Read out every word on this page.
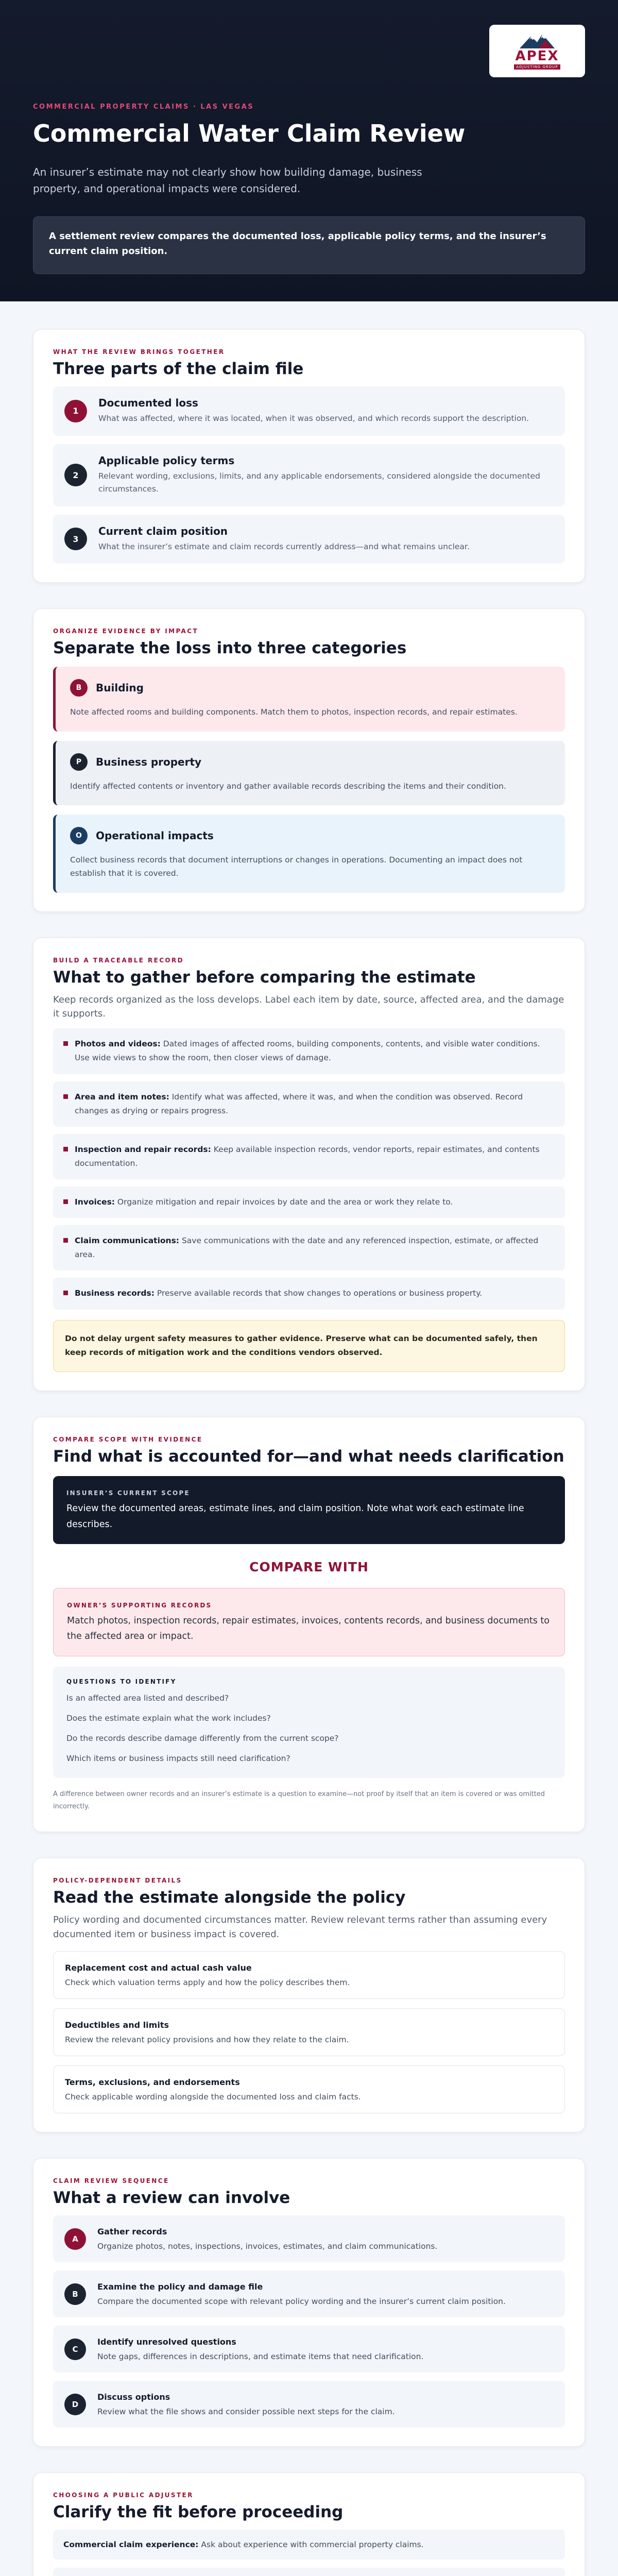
APEX
ADJUSTING GROUP
COMMERCIAL PROPERTY CLAIMS · LAS VEGAS
Commercial Water Claim Review

An insurer’s estimate may not clearly show how building damage, business property, and operational impacts were considered.

A settlement review compares the documented loss, applicable policy terms, and the insurer’s current claim position.
WHAT THE REVIEW BRINGS TOGETHER
Three parts of the claim file
1
Documented loss
What was affected, where it was located, when it was observed, and which records support the description.
2
Applicable policy terms
Relevant wording, exclusions, limits, and any applicable endorsements, considered alongside the documented circumstances.
3
Current claim position
What the insurer’s estimate and claim records currently address—and what remains unclear.
ORGANIZE EVIDENCE BY IMPACT
Separate the loss into three categories
B	Building
Note affected rooms and building components. Match them to photos, inspection records, and repair estimates.
P	Business property
Identify affected contents or inventory and gather available records describing the items and their condition.
O	Operational impacts
Collect business records that document interruptions or changes in operations. Documenting an impact does not establish that it is covered.
BUILD A TRACEABLE RECORD
What to gather before comparing the estimate

Keep records organized as the loss develops. Label each item by date, source, affected area, and the damage it supports.

Photos and videos: Dated images of affected rooms, building components, contents, and visible water conditions. Use wide views to show the room, then closer views of damage.
Area and item notes: Identify what was affected, where it was, and when the condition was observed. Record changes as drying or repairs progress.
Inspection and repair records: Keep available inspection records, vendor reports, repair estimates, and contents documentation.
Invoices: Organize mitigation and repair invoices by date and the area or work they relate to.
Claim communications: Save communications with the date and any referenced inspection, estimate, or affected area.
Business records: Preserve available records that show changes to operations or business property.
Do not delay urgent safety measures to gather evidence. Preserve what can be documented safely, then keep records of mitigation work and the conditions vendors observed.
COMPARE SCOPE WITH EVIDENCE
Find what is accounted for—and what needs clarification
INSURER’S CURRENT SCOPE
Review the documented areas, estimate lines, and claim position. Note what work each estimate line describes.
COMPARE WITH
OWNER’S SUPPORTING RECORDS
Match photos, inspection records, repair estimates, invoices, contents records, and business documents to the affected area or impact.
QUESTIONS TO IDENTIFY
Is an affected area listed and described?
Does the estimate explain what the work includes?
Do the records describe damage differently from the current scope?
Which items or business impacts still need clarification?

A difference between owner records and an insurer’s estimate is a question to examine—not proof by itself that an item is covered or was omitted incorrectly.

POLICY-DEPENDENT DETAILS
Read the estimate alongside the policy

Policy wording and documented circumstances matter. Review relevant terms rather than assuming every documented item or business impact is covered.

Replacement cost and actual cash value
Check which valuation terms apply and how the policy describes them.
Deductibles and limits
Review the relevant policy provisions and how they relate to the claim.
Terms, exclusions, and endorsements
Check applicable wording alongside the documented loss and claim facts.
CLAIM REVIEW SEQUENCE
What a review can involve
A
Gather records
Organize photos, notes, inspections, invoices, estimates, and claim communications.
B
Examine the policy and damage file
Compare the documented scope with relevant policy wording and the insurer’s current claim position.
C
Identify unresolved questions
Note gaps, differences in descriptions, and estimate items that need clarification.
D
Discuss options
Review what the file shows and consider possible next steps for the claim.
CHOOSING A PUBLIC ADJUSTER
Clarify the fit before proceeding
Commercial claim experience: Ask about experience with commercial property claims.
